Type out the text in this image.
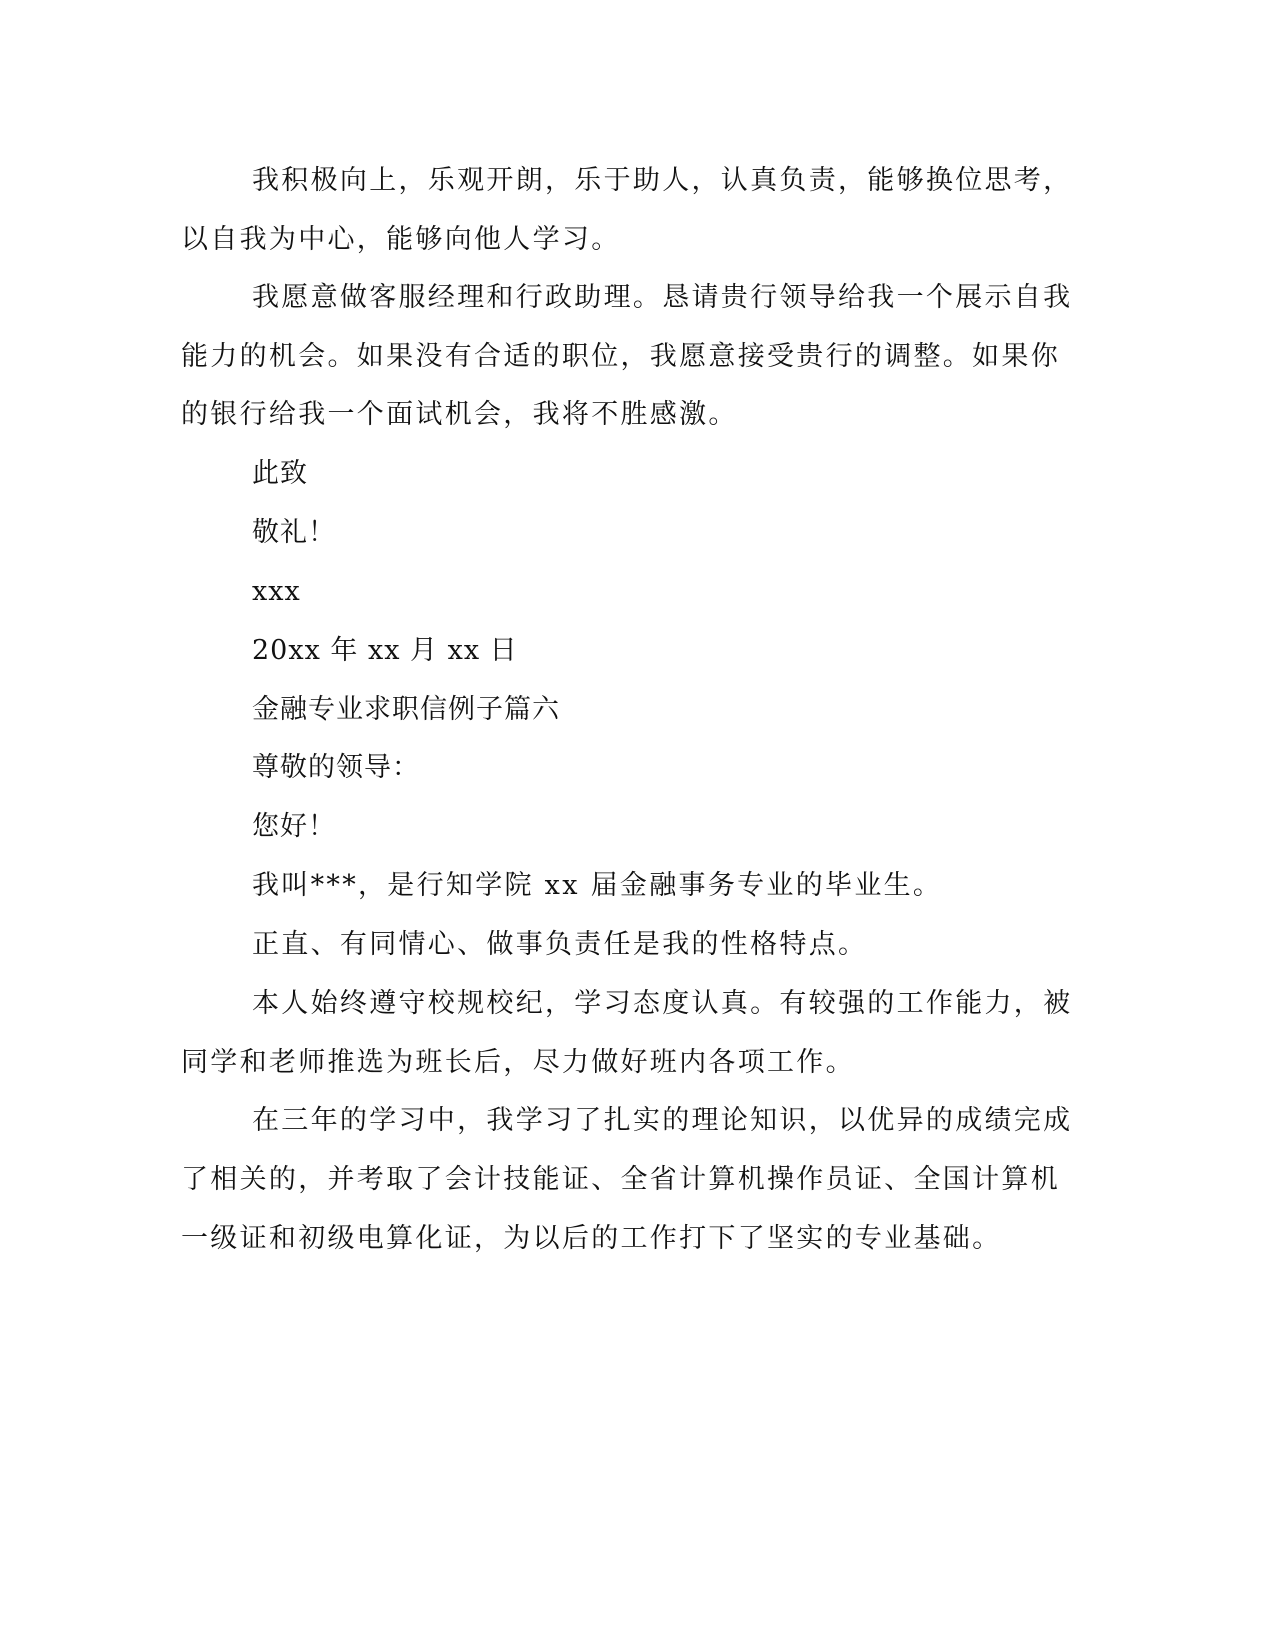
我积极向上，乐观开朗，乐于助人，认真负责，能够换位思考，
以自我为中心，能够向他人学习。
我愿意做客服经理和行政助理。恳请贵行领导给我一个展示自我
能力的机会。如果没有合适的职位，我愿意接受贵行的调整。如果你
的银行给我一个面试机会，我将不胜感激。
此致
敬礼！
xxx
20xx 年 xx 月 xx 日
金融专业求职信例子篇六
尊敬的领导：
您好！
我叫***，是行知学院 xx 届金融事务专业的毕业生。
正直、有同情心、做事负责任是我的性格特点。
本人始终遵守校规校纪，学习态度认真。有较强的工作能力，被
同学和老师推选为班长后，尽力做好班内各项工作。
在三年的学习中，我学习了扎实的理论知识，以优异的成绩完成
了相关的，并考取了会计技能证、全省计算机操作员证、全国计算机
一级证和初级电算化证，为以后的工作打下了坚实的专业基础。
